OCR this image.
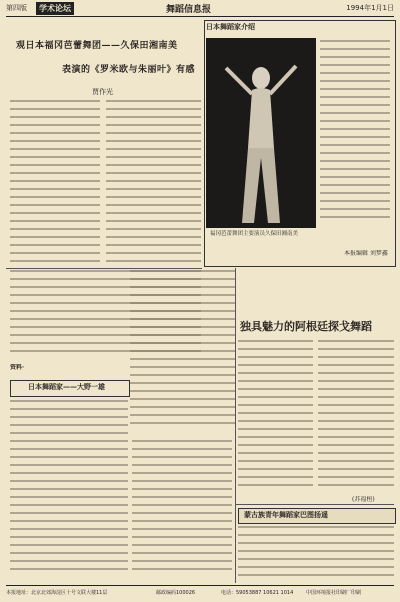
第四版	学术论坛	舞蹈信息报	1994年1月1日
观日本福冈芭蕾舞团——久保田湘南美
表演的《罗米欧与朱丽叶》有感
贾作光
日本舞蹈家介绍
福冈芭蕾舞团主要演员久保田湘南美
本报编辑 刘梦鑫
独具魅力的阿根廷探戈舞蹈
(苏福桓)
资料·
日本舞蹈家——大野一雄
蒙古族青年舞蹈家巴图扬遥
本报地址：北京北郊海淀区十号文联大楼11层	邮政编码100026	电话：59053887 10621 1014	中国环境报社印刷厂印刷
